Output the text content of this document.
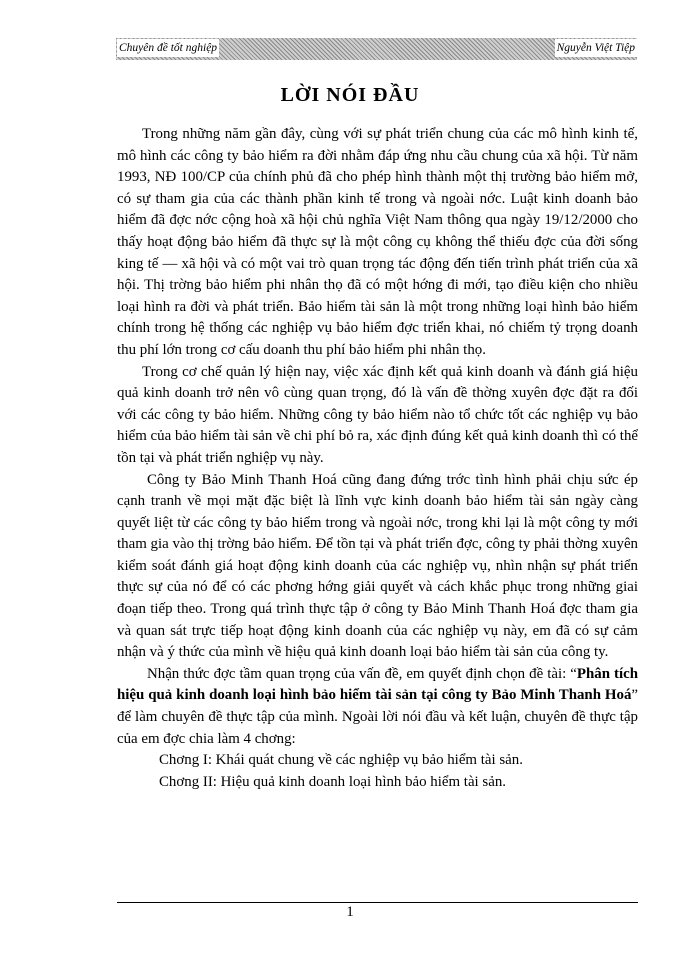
Chuyên đề tốt nghiệp	Nguyễn Việt Tiệp
LỜI NÓI ĐẦU

Trong những năm gần đây, cùng với sự phát triển chung của các mô hình kinh tế, mô hình các công ty bảo hiểm ra đời nhằm đáp ứng nhu cầu chung của xã hội. Từ năm 1993, NĐ 100/CP của chính phủ đã cho phép hình thành một thị trường bảo hiểm mở, có sự tham gia của các thành phần kinh tế trong và ngoài nớc. Luật kinh doanh bảo hiểm đã đợc nớc cộng hoà xã hội chủ nghĩa Việt Nam thông qua ngày 19/12/2000 cho thấy hoạt động bảo hiểm đã thực sự là một công cụ không thể thiếu đợc của đời sống king tế — xã hội và có một vai trò quan trọng tác động đến tiến trình phát triển của xã hội. Thị trờng bảo hiểm phi nhân thọ đã có một hớng đi mới, tạo điều kiện cho nhiều loại hình ra đời và phát triển. Bảo hiểm tài sản là một trong những loại hình bảo hiểm chính trong hệ thống các nghiệp vụ bảo hiểm đợc triển khai, nó chiếm tỷ trọng doanh thu phí lớn trong cơ cấu doanh thu phí bảo hiểm phi nhân thọ.

Trong cơ chế quản lý hiện nay, việc xác định kết quả kinh doanh và đánh giá hiệu quả kinh doanh trở nên vô cùng quan trọng, đó là vấn đề thờng xuyên đợc đặt ra đối với các công ty bảo hiểm. Những công ty bảo hiểm nào tổ chức tốt các nghiệp vụ bảo hiểm của bảo hiểm tài sản về chi phí bỏ ra, xác định đúng kết quả kinh doanh thì có thể tồn tại và phát triển nghiệp vụ này.

Công ty Bảo Minh Thanh Hoá cũng đang đứng trớc tình hình phải chịu sức ép cạnh tranh về mọi mặt đặc biệt là lĩnh vực kinh doanh bảo hiểm tài sản ngày càng quyết liệt từ các công ty bảo hiểm trong và ngoài nớc, trong khi lại là một công ty mới tham gia vào thị trờng bảo hiểm. Để tồn tại và phát triển đợc, công ty phải thờng xuyên kiểm soát đánh giá hoạt động kinh doanh của các nghiệp vụ, nhìn nhận sự phát triển thực sự của nó để có các phơng hớng giải quyết và cách khắc phục trong những giai đoạn tiếp theo. Trong quá trình thực tập ở công ty Bảo Minh Thanh Hoá đợc tham gia và quan sát trực tiếp hoạt động kinh doanh của các nghiệp vụ này, em đã có sự cảm nhận và ý thức của mình về hiệu quả kinh doanh loại bảo hiểm tài sản của công ty.

Nhận thức đợc tầm quan trọng của vấn đề, em quyết định chọn đề tài: “Phân tích hiệu quả kinh doanh loại hình bảo hiểm tài sản tại công ty Bảo Minh Thanh Hoá” để làm chuyên đề thực tập của mình. Ngoài lời nói đầu và kết luận, chuyên đề thực tập của em đợc chia làm 4 chơng:

Chơng I: Khái quát chung về các nghiệp vụ bảo hiểm tài sản.

Chơng II: Hiệu quả kinh doanh loại hình bảo hiểm tài sản.

1
